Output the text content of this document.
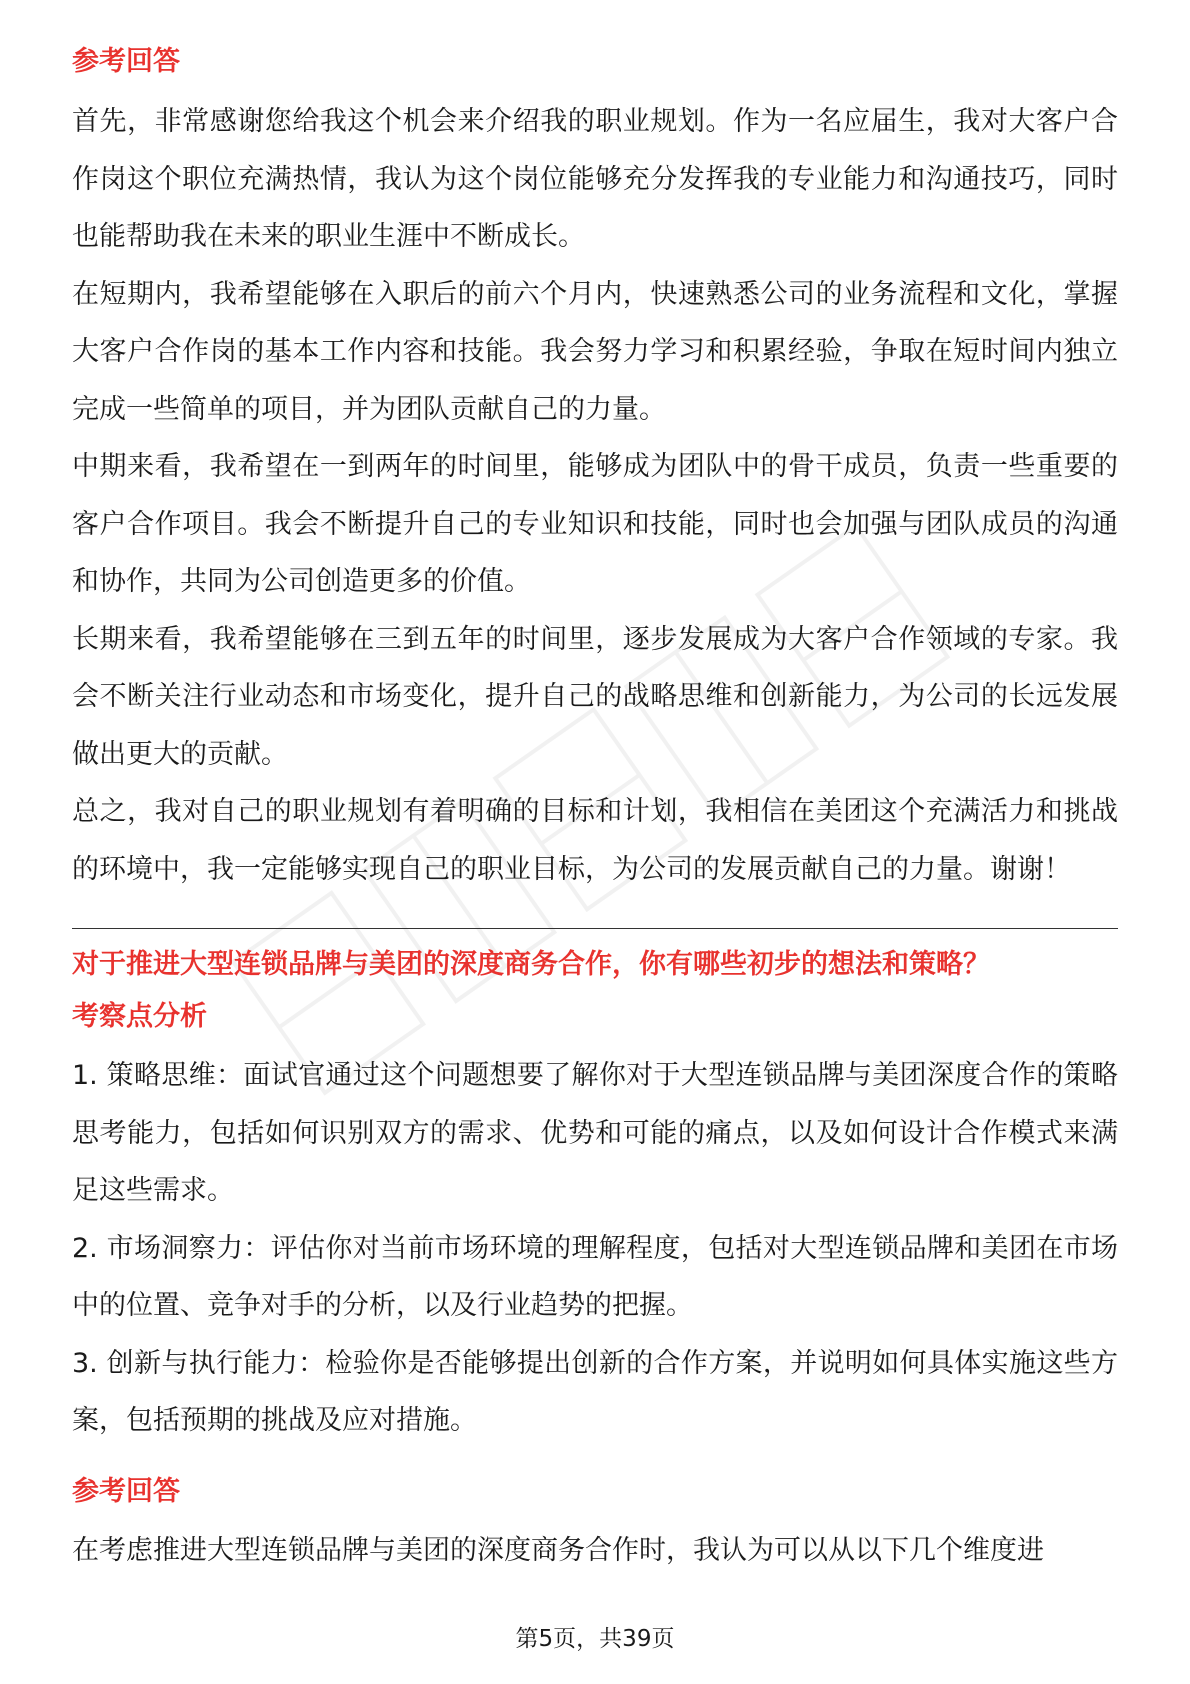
参考回答

首先，非常感谢您给我这个机会来介绍我的职业规划。作为一名应届生，我对大客户合作岗这个职位充满热情，我认为这个岗位能够充分发挥我的专业能力和沟通技巧，同时也能帮助我在未来的职业生涯中不断成长。

在短期内，我希望能够在入职后的前六个月内，快速熟悉公司的业务流程和文化，掌握大客户合作岗的基本工作内容和技能。我会努力学习和积累经验，争取在短时间内独立完成一些简单的项目，并为团队贡献自己的力量。

中期来看，我希望在一到两年的时间里，能够成为团队中的骨干成员，负责一些重要的客户合作项目。我会不断提升自己的专业知识和技能，同时也会加强与团队成员的沟通和协作，共同为公司创造更多的价值。

长期来看，我希望能够在三到五年的时间里，逐步发展成为大客户合作领域的专家。我会不断关注行业动态和市场变化，提升自己的战略思维和创新能力，为公司的长远发展做出更大的贡献。

总之，我对自己的职业规划有着明确的目标和计划，我相信在美团这个充满活力和挑战的环境中，我一定能够实现自己的职业目标，为公司的发展贡献自己的力量。谢谢！

对于推进大型连锁品牌与美团的深度商务合作，你有哪些初步的想法和策略？

考察点分析

1. 策略思维：面试官通过这个问题想要了解你对于大型连锁品牌与美团深度合作的策略思考能力，包括如何识别双方的需求、优势和可能的痛点，以及如何设计合作模式来满足这些需求。

2. 市场洞察力：评估你对当前市场环境的理解程度，包括对大型连锁品牌和美团在市场中的位置、竞争对手的分析，以及行业趋势的把握。

3. 创新与执行能力：检验你是否能够提出创新的合作方案，并说明如何具体实施这些方案，包括预期的挑战及应对措施。

参考回答

在考虑推进大型连锁品牌与美团的深度商务合作时，我认为可以从以下几个维度进

第5页，共39页
